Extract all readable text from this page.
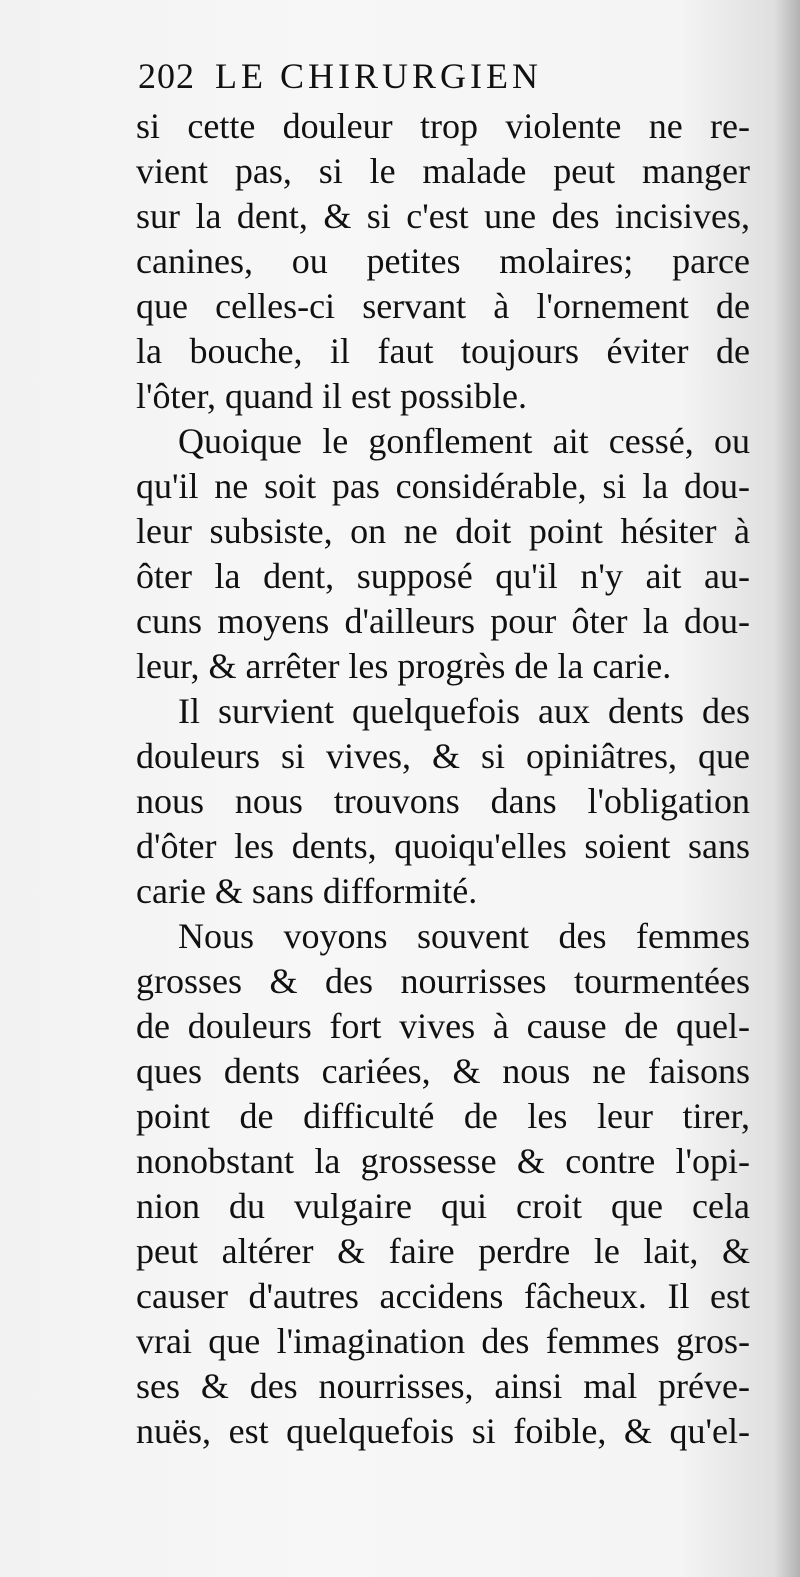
202 LE CHIRURGIEN
si cette douleur trop violente ne re-
vient pas, si le malade peut manger
sur la dent, & si c'est une des incisives,
canines, ou petites molaires; parce
que celles-ci servant à l'ornement de
la bouche, il faut toujours éviter de
l'ôter, quand il est possible.
Quoique le gonflement ait cessé, ou
qu'il ne soit pas considérable, si la dou-
leur subsiste, on ne doit point hésiter à
ôter la dent, supposé qu'il n'y ait au-
cuns moyens d'ailleurs pour ôter la dou-
leur, & arrêter les progrès de la carie.
Il survient quelquefois aux dents des
douleurs si vives, & si opiniâtres, que
nous nous trouvons dans l'obligation
d'ôter les dents, quoiqu'elles soient sans
carie & sans difformité.
Nous voyons souvent des femmes
grosses & des nourrisses tourmentées
de douleurs fort vives à cause de quel-
ques dents cariées, & nous ne faisons
point de difficulté de les leur tirer,
nonobstant la grossesse & contre l'opi-
nion du vulgaire qui croit que cela
peut altérer & faire perdre le lait, &
causer d'autres accidens fâcheux. Il est
vrai que l'imagination des femmes gros-
ses & des nourrisses, ainsi mal préve-
nuës, est quelquefois si foible, & qu'el-
